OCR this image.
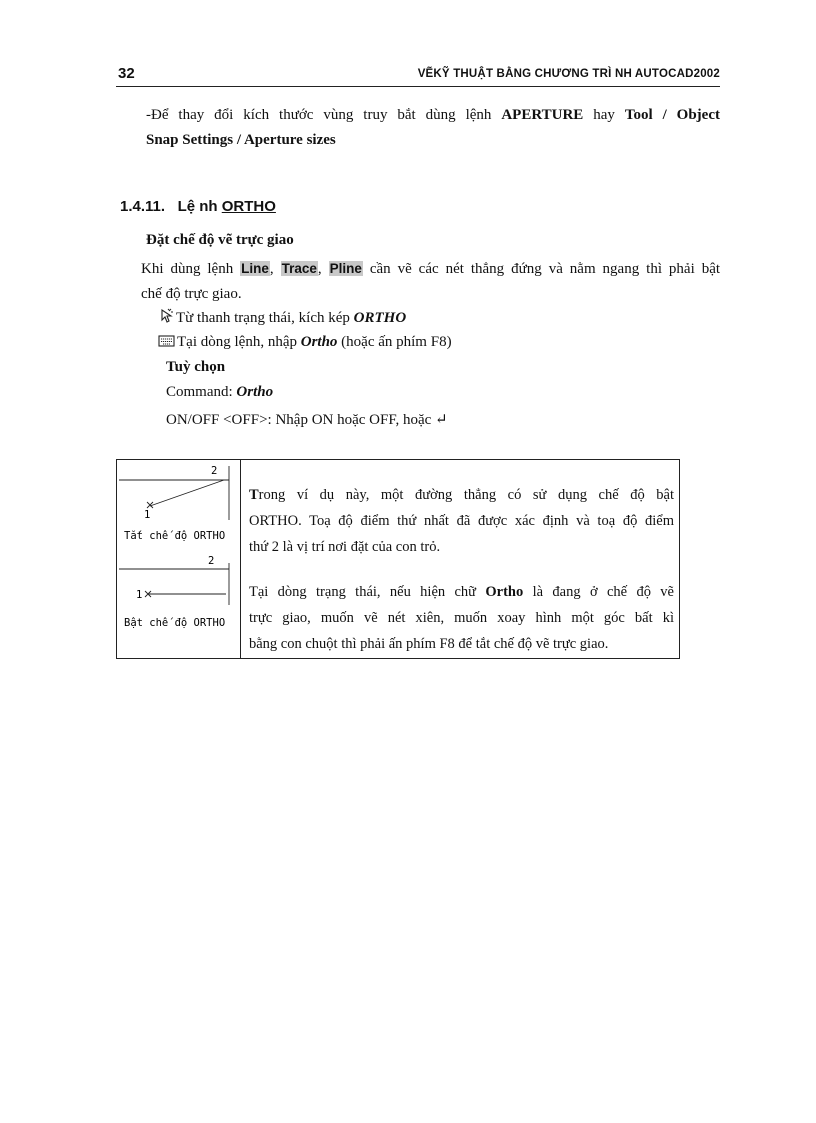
32	VẼKỸ THUẬT BẰNG CHƯƠNG TRÌ NH AUTOCAD2002
-Để thay đổi kích thước vùng truy bắt dùng lệnh APERTURE hay Tool / Object
Snap Settings / Aperture sizes
1.4.11. Lệ nh ORTHO
Đặt chế độ vẽ trực giao
Khi dùng lệnh Line, Trace, Pline cần vẽ các nét thẳng đứng và nằm ngang thì phải bật
chế độ trực giao.
Từ thanh trạng thái, kích kép ORTHO
Tại dòng lệnh, nhập Ortho (hoặc ấn phím F8)
Tuỳ chọn
Command: Ortho
ON/OFF <OFF>: Nhập ON hoặc OFF, hoặc ↵
1
2
Tắt chế độ ORTHO
1
2
Bật chế độ ORTHO
Trong ví dụ này, một đường thẳng có sử dụng chế độ bật
ORTHO. Toạ độ điểm thứ nhất đã được xác định và toạ độ điểm
thứ 2 là vị trí nơi đặt của con trỏ.
Tại dòng trạng thái, nếu hiện chữ Ortho là đang ở chế độ vẽ
trực giao, muốn vẽ nét xiên, muốn xoay hình một góc bất kì
bằng con chuột thì phải ấn phím F8 để tắt chế độ vẽ trực giao.
